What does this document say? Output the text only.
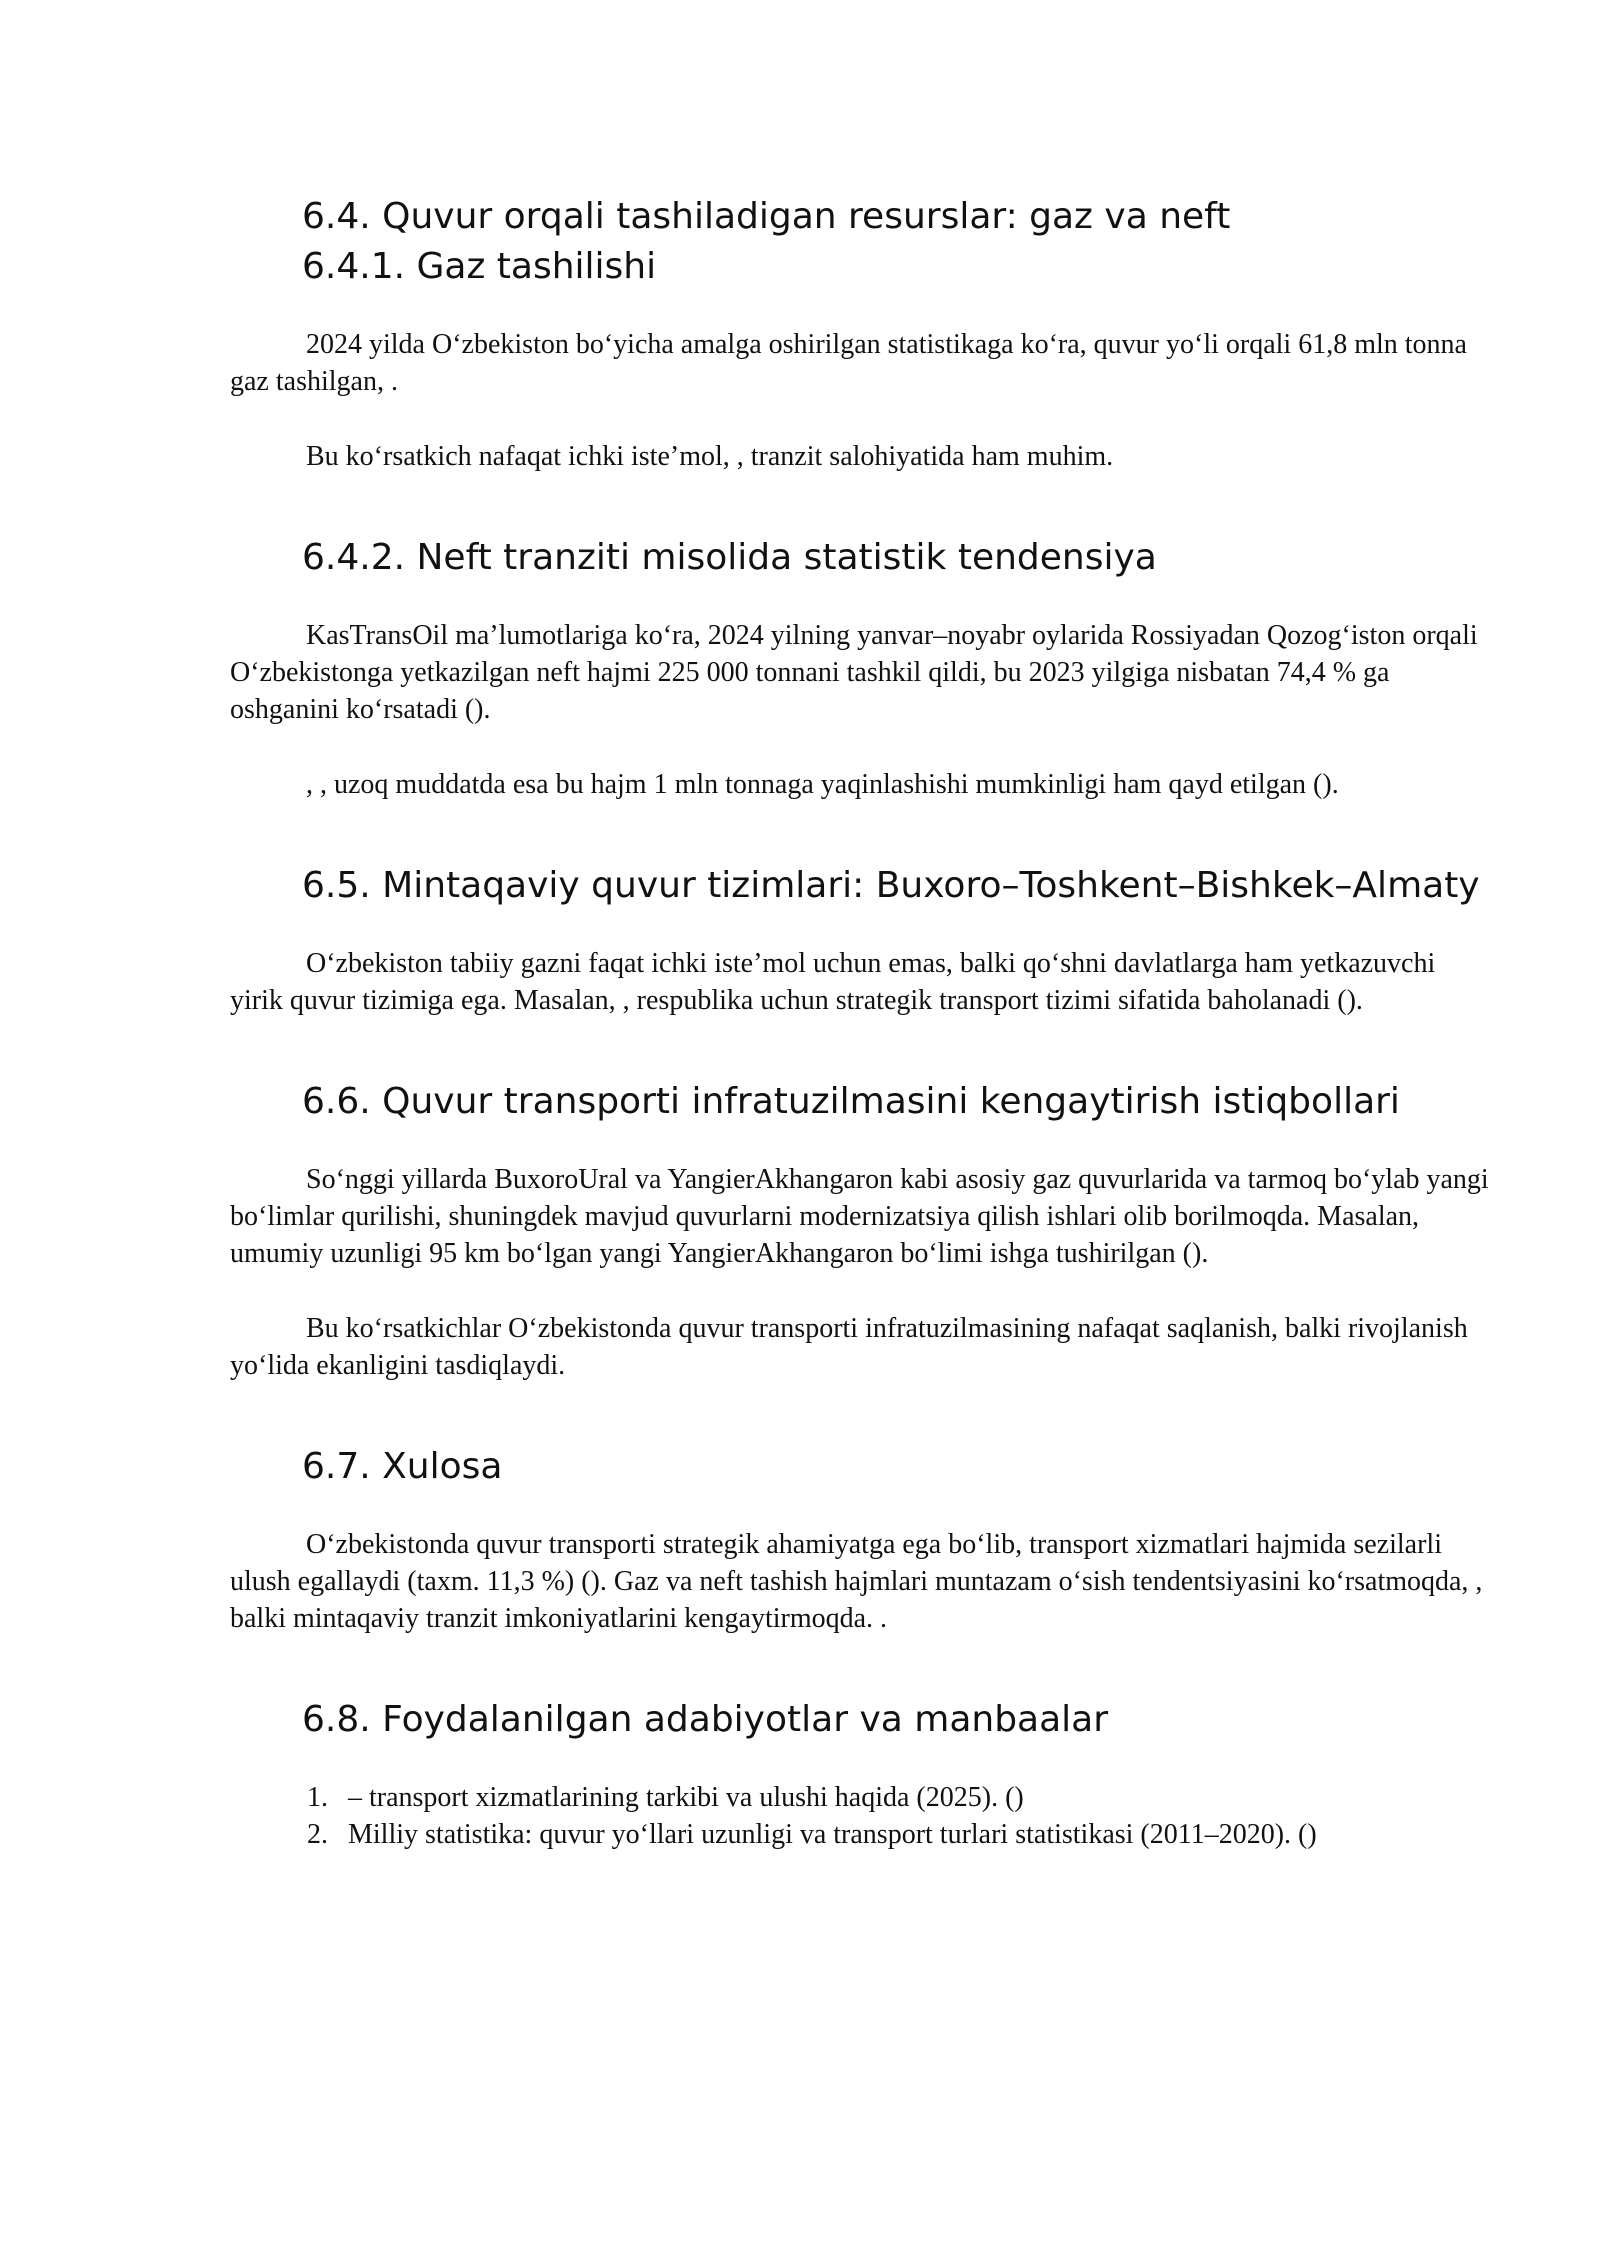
6.4. Quvur orqali tashiladigan resurslar: gaz va neft
6.4.1. Gaz tashilishi

2024 yilda O‘zbekiston bo‘yicha amalga oshirilgan statistikaga ko‘ra, quvur yo‘li orqali 61,8 mln tonna gaz tashilgan, .

Bu ko‘rsatkich nafaqat ichki iste’mol, , tranzit salohiyatida ham muhim.

6.4.2. Neft tranziti misolida statistik tendensiya

KasTransOil ma’lumotlariga ko‘ra, 2024 yilning yanvar–noyabr oylarida Rossiyadan Qozog‘iston orqali O‘zbekistonga yetkazilgan neft hajmi 225 000 tonnani tashkil qildi, bu 2023 yilgiga nisbatan 74,4 % ga oshganini ko‘rsatadi ().

, , uzoq muddatda esa bu hajm 1 mln tonnaga yaqinlashishi mumkinligi ham qayd etilgan ().

6.5. Mintaqaviy quvur tizimlari: Buxoro–Toshkent–Bishkek–Almaty

O‘zbekiston tabiiy gazni faqat ichki iste’mol uchun emas, balki qo‘shni davlatlarga ham yetkazuvchi yirik quvur tizimiga ega. Masalan, , respublika uchun strategik transport tizimi sifatida baholanadi ().

6.6. Quvur transporti infratuzilmasini kengaytirish istiqbollari

So‘nggi yillarda BuxoroUral va YangierAkhangaron kabi asosiy gaz quvurlarida va tarmoq bo‘ylab yangi bo‘limlar qurilishi, shuningdek mavjud quvurlarni modernizatsiya qilish ishlari olib borilmoqda. Masalan, umumiy uzunligi 95 km bo‘lgan yangi YangierAkhangaron bo‘limi ishga tushirilgan ().

Bu ko‘rsatkichlar O‘zbekistonda quvur transporti infratuzilmasining nafaqat saqlanish, balki rivojlanish yo‘lida ekanligini tasdiqlaydi.

6.7. Xulosa

O‘zbekistonda quvur transporti strategik ahamiyatga ega bo‘lib, transport xizmatlari hajmida sezilarli ulush egallaydi (taxm. 11,3 %) (). Gaz va neft tashish hajmlari muntazam o‘sish tendentsiyasini ko‘rsatmoqda, , balki mintaqaviy tranzit imkoniyatlarini kengaytirmoqda. .

6.8. Foydalanilgan adabiyotlar va manbaalar
1. – transport xizmatlarining tarkibi va ulushi haqida (2025). ()
2. Milliy statistika: quvur yo‘llari uzunligi va transport turlari statistikasi (2011–2020). ()
